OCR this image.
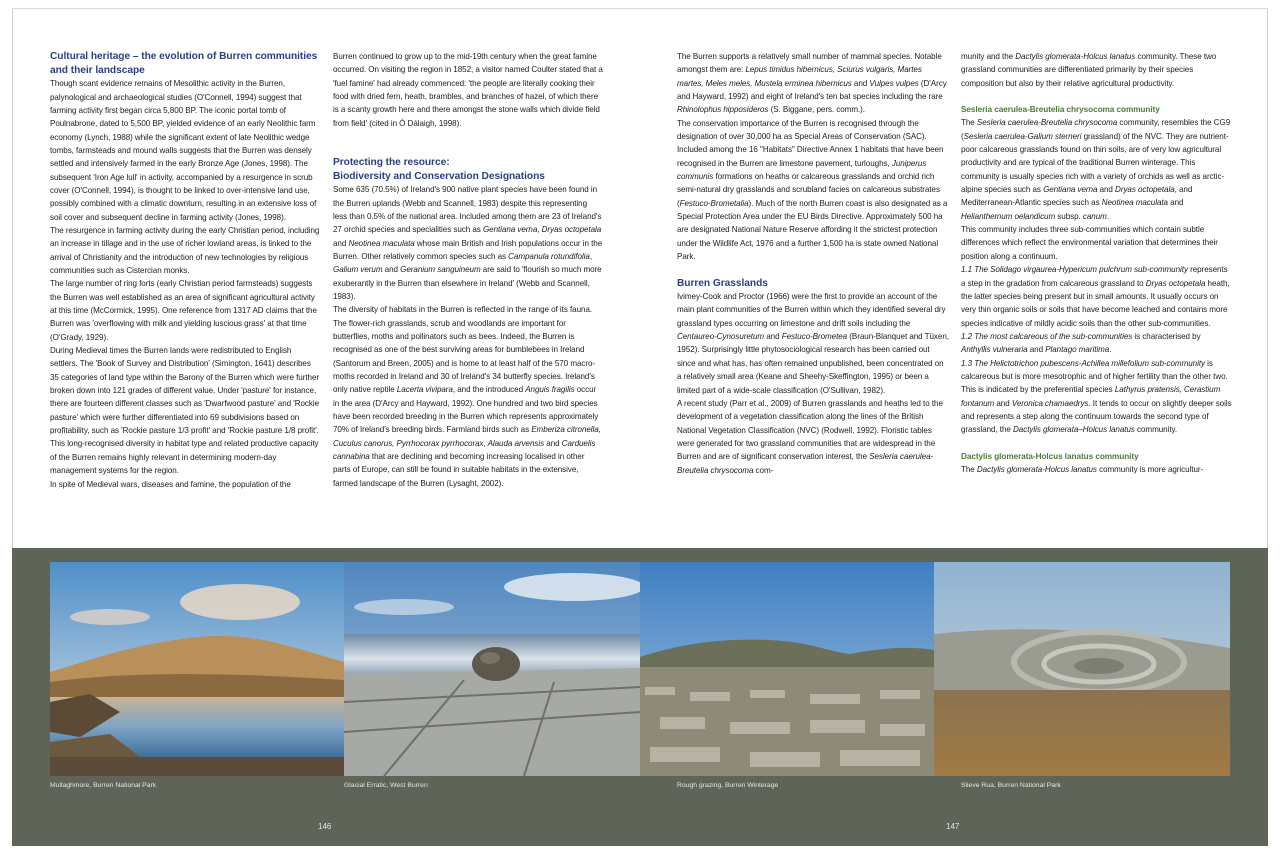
Cultural heritage – the evolution of Burren communities and their landscape

Though scant evidence remains of Mesolithic activity in the Burren, palynological and archaeological studies (O'Connell, 1994) suggest that farming activity first began circa 5,800 BP. The iconic portal tomb of Poulnabrone, dated to 5,500 BP, yielded evidence of an early Neolithic farm economy (Lynch, 1988) while the significant extent of late Neolithic wedge tombs, farmsteads and mound walls suggests that the Burren was densely settled and intensively farmed in the early Bronze Age (Jones, 1998). The subsequent 'Iron Age lull' in activity, accompanied by a resurgence in scrub cover (O'Connell, 1994), is thought to be linked to over-intensive land use, possibly combined with a climatic downturn, resulting in an extensive loss of soil cover and subsequent decline in farming activity (Jones, 1998).

The resurgence in farming activity during the early Christian period, including an increase in tillage and in the use of richer lowland areas, is linked to the arrival of Christianity and the introduction of new technologies by religious communities such as Cistercian monks.

The large number of ring forts (early Christian period farmsteads) suggests the Burren was well established as an area of significant agricultural activity at this time (McCormick, 1995). One reference from 1317 AD claims that the Burren was 'overflowing with milk and yielding luscious grass' at that time (O'Grady, 1929).

During Medieval times the Burren lands were redistributed to English settlers. The 'Book of Survey and Distribution' (Simington, 1641) describes 35 categories of land type within the Barony of the Burren which were further broken down into 121 grades of different value. Under 'pasture' for instance, there are fourteen different classes such as 'Dwarfwood pasture' and 'Rockie pasture' which were further differentiated into 69 subdivisions based on profitability, such as 'Rockie pasture 1/3 profit' and 'Rockie pasture 1/8 profit'. This long-recognised diversity in habitat type and related productive capacity of the Burren remains highly relevant in determining modern-day management systems for the region.

In spite of Medieval wars, diseases and famine, the population of the

Burren continued to grow up to the mid-19th century when the great famine occurred. On visiting the region in 1852, a visitor named Coulter stated that a 'fuel famine' had already commenced: 'the people are literally cooking their food with dried fern, heath, brambles, and branches of hazel, of which there is a scanty growth here and there amongst the stone walls which divide field from field' (cited in Ó Dálaigh, 1998).

Protecting the resource:
Biodiversity and Conservation Designations

Some 635 (70.5%) of Ireland's 900 native plant species have been found in the Burren uplands (Webb and Scannell, 1983) despite this representing less than 0.5% of the national area. Included among them are 23 of Ireland's 27 orchid species and specialities such as Gentiana verna, Dryas octopetala and Neotinea maculata whose main British and Irish populations occur in the Burren. Other relatively common species such as Campanula rotundifolia, Galium verum and Geranium sanguineum are said to 'flourish so much more exuberantly in the Burren than elsewhere in Ireland' (Webb and Scannell, 1983).

The diversity of habitats in the Burren is reflected in the range of its fauna. The flower-rich grasslands, scrub and woodlands are important for butterflies, moths and pollinators such as bees. Indeed, the Burren is recognised as one of the best surviving areas for bumblebees in Ireland (Santorum and Breen, 2005) and is home to at least half of the 570 macro-moths recorded in Ireland and 30 of Ireland's 34 butterfly species. Ireland's only native reptile Lacerta vivipara, and the introduced Anguis fragilis occur in the area (D'Arcy and Hayward, 1992). One hundred and two bird species have been recorded breeding in the Burren which represents approximately 70% of Ireland's breeding birds. Farmland birds such as Emberiza citronella, Cuculus canorus, Pyrrhocorax pyrrhocorax, Alauda arvensis and Carduelis cannabina that are declining and becoming increasing localised in other parts of Europe, can still be found in suitable habitats in the extensive, farmed landscape of the Burren (Lysaght, 2002).

The Burren supports a relatively small number of mammal species. Notable amongst them are: Lepus timidus hibernicus, Sciurus vulgaris, Martes martes, Meles meles, Mustela erminea hibernicus and Vulpes vulpes (D'Arcy and Hayward, 1992) and eight of Ireland's ten bat species including the rare Rhinolophus hipposideros (S. Biggane, pers. comm.).

The conservation importance of the Burren is recognised through the designation of over 30,000 ha as Special Areas of Conservation (SAC). Included among the 16 "Habitats" Directive Annex 1 habitats that have been recognised in the Burren are limestone pavement, turloughs, Juniperus communis formations on heaths or calcareous grasslands and orchid rich semi-natural dry grasslands and scrubland facies on calcareous substrates (Festuco-Brometalia). Much of the north Burren coast is also designated as a Special Protection Area under the EU Birds Directive. Approximately 500 ha are designated National Nature Reserve affording it the strictest protection under the Wildlife Act, 1976 and a further 1,500 ha is state owned National Park.

Burren Grasslands

Ivimey-Cook and Proctor (1966) were the first to provide an account of the main plant communities of the Burren within which they identified several dry grassland types occurring on limestone and drift soils including the Centaureo-Cynosuretum and Festuco-Brometea (Braun-Blanquet and Tüxen, 1952). Surprisingly little phytosociological research has been carried out since and what has, has often remained unpublished, been concentrated on a relatively small area (Keane and Sheehy-Skeffington, 1995) or been a limited part of a wide-scale classification (O'Sullivan, 1982).

A recent study (Parr et al., 2009) of Burren grasslands and heaths led to the development of a vegetation classification along the lines of the British National Vegetation Classification (NVC) (Rodwell, 1992). Floristic tables were generated for two grassland communities that are widespread in the Burren and are of significant conservation interest, the Sesleria caerulea-Breutelia chrysocoma com-

munity and the Dactylis glomerata-Holcus lanatus community. These two grassland communities are differentiated primarily by their species composition but also by their relative agricultural productivity.

Sesleria caerulea-Breutelia chrysocoma community

The Sesleria caerulea-Breutelia chrysocoma community, resembles the CG9 (Sesleria caerulea-Galium sterneri grassland) of the NVC. They are nutrient-poor calcareous grasslands found on thin soils, are of very low agricultural productivity and are typical of the traditional Burren winterage. This community is usually species rich with a variety of orchids as well as arctic-alpine species such as Gentiana verna and Dryas octopetala, and Mediterranean-Atlantic species such as Neotinea maculata and Helianthemum oelandicum subsp. canum.

This community includes three sub-communities which contain subtle differences which reflect the environmental variation that determines their position along a continuum.

1.1 The Solidago virgaurea-Hypericum pulchrum sub-community represents a step in the gradation from calcareous grassland to Dryas octopetala heath, the latter species being present but in small amounts. It usually occurs on very thin organic soils or soils that have become leached and contains more species indicative of mildly acidic soils than the other sub-communities.

1.2 The most calcareous of the sub-communities is characterised by Anthyllis vulneraria and Plantago maritima.

1.3 The Helictotrichon pubescens-Achillea millefolium sub-community is calcareous but is more mesotrophic and of higher fertility than the other two. This is indicated by the preferential species Lathyrus pratensis, Cerastium fontanum and Veronica chamaedrys. It tends to occur on slightly deeper soils and represents a step along the continuum towards the second type of grassland, the Dactylis glomerata–Holcus lanatus community.

Dactylis glomerata-Holcus lanatus community

The Dactylis glomerata-Holcus lanatus community is more agricultur-

Mullaghmore, Burren National Park	Glacial Erratic, West Burren	Rough grazing, Burren Winterage	Slieve Rua, Burren National Park
146	147
